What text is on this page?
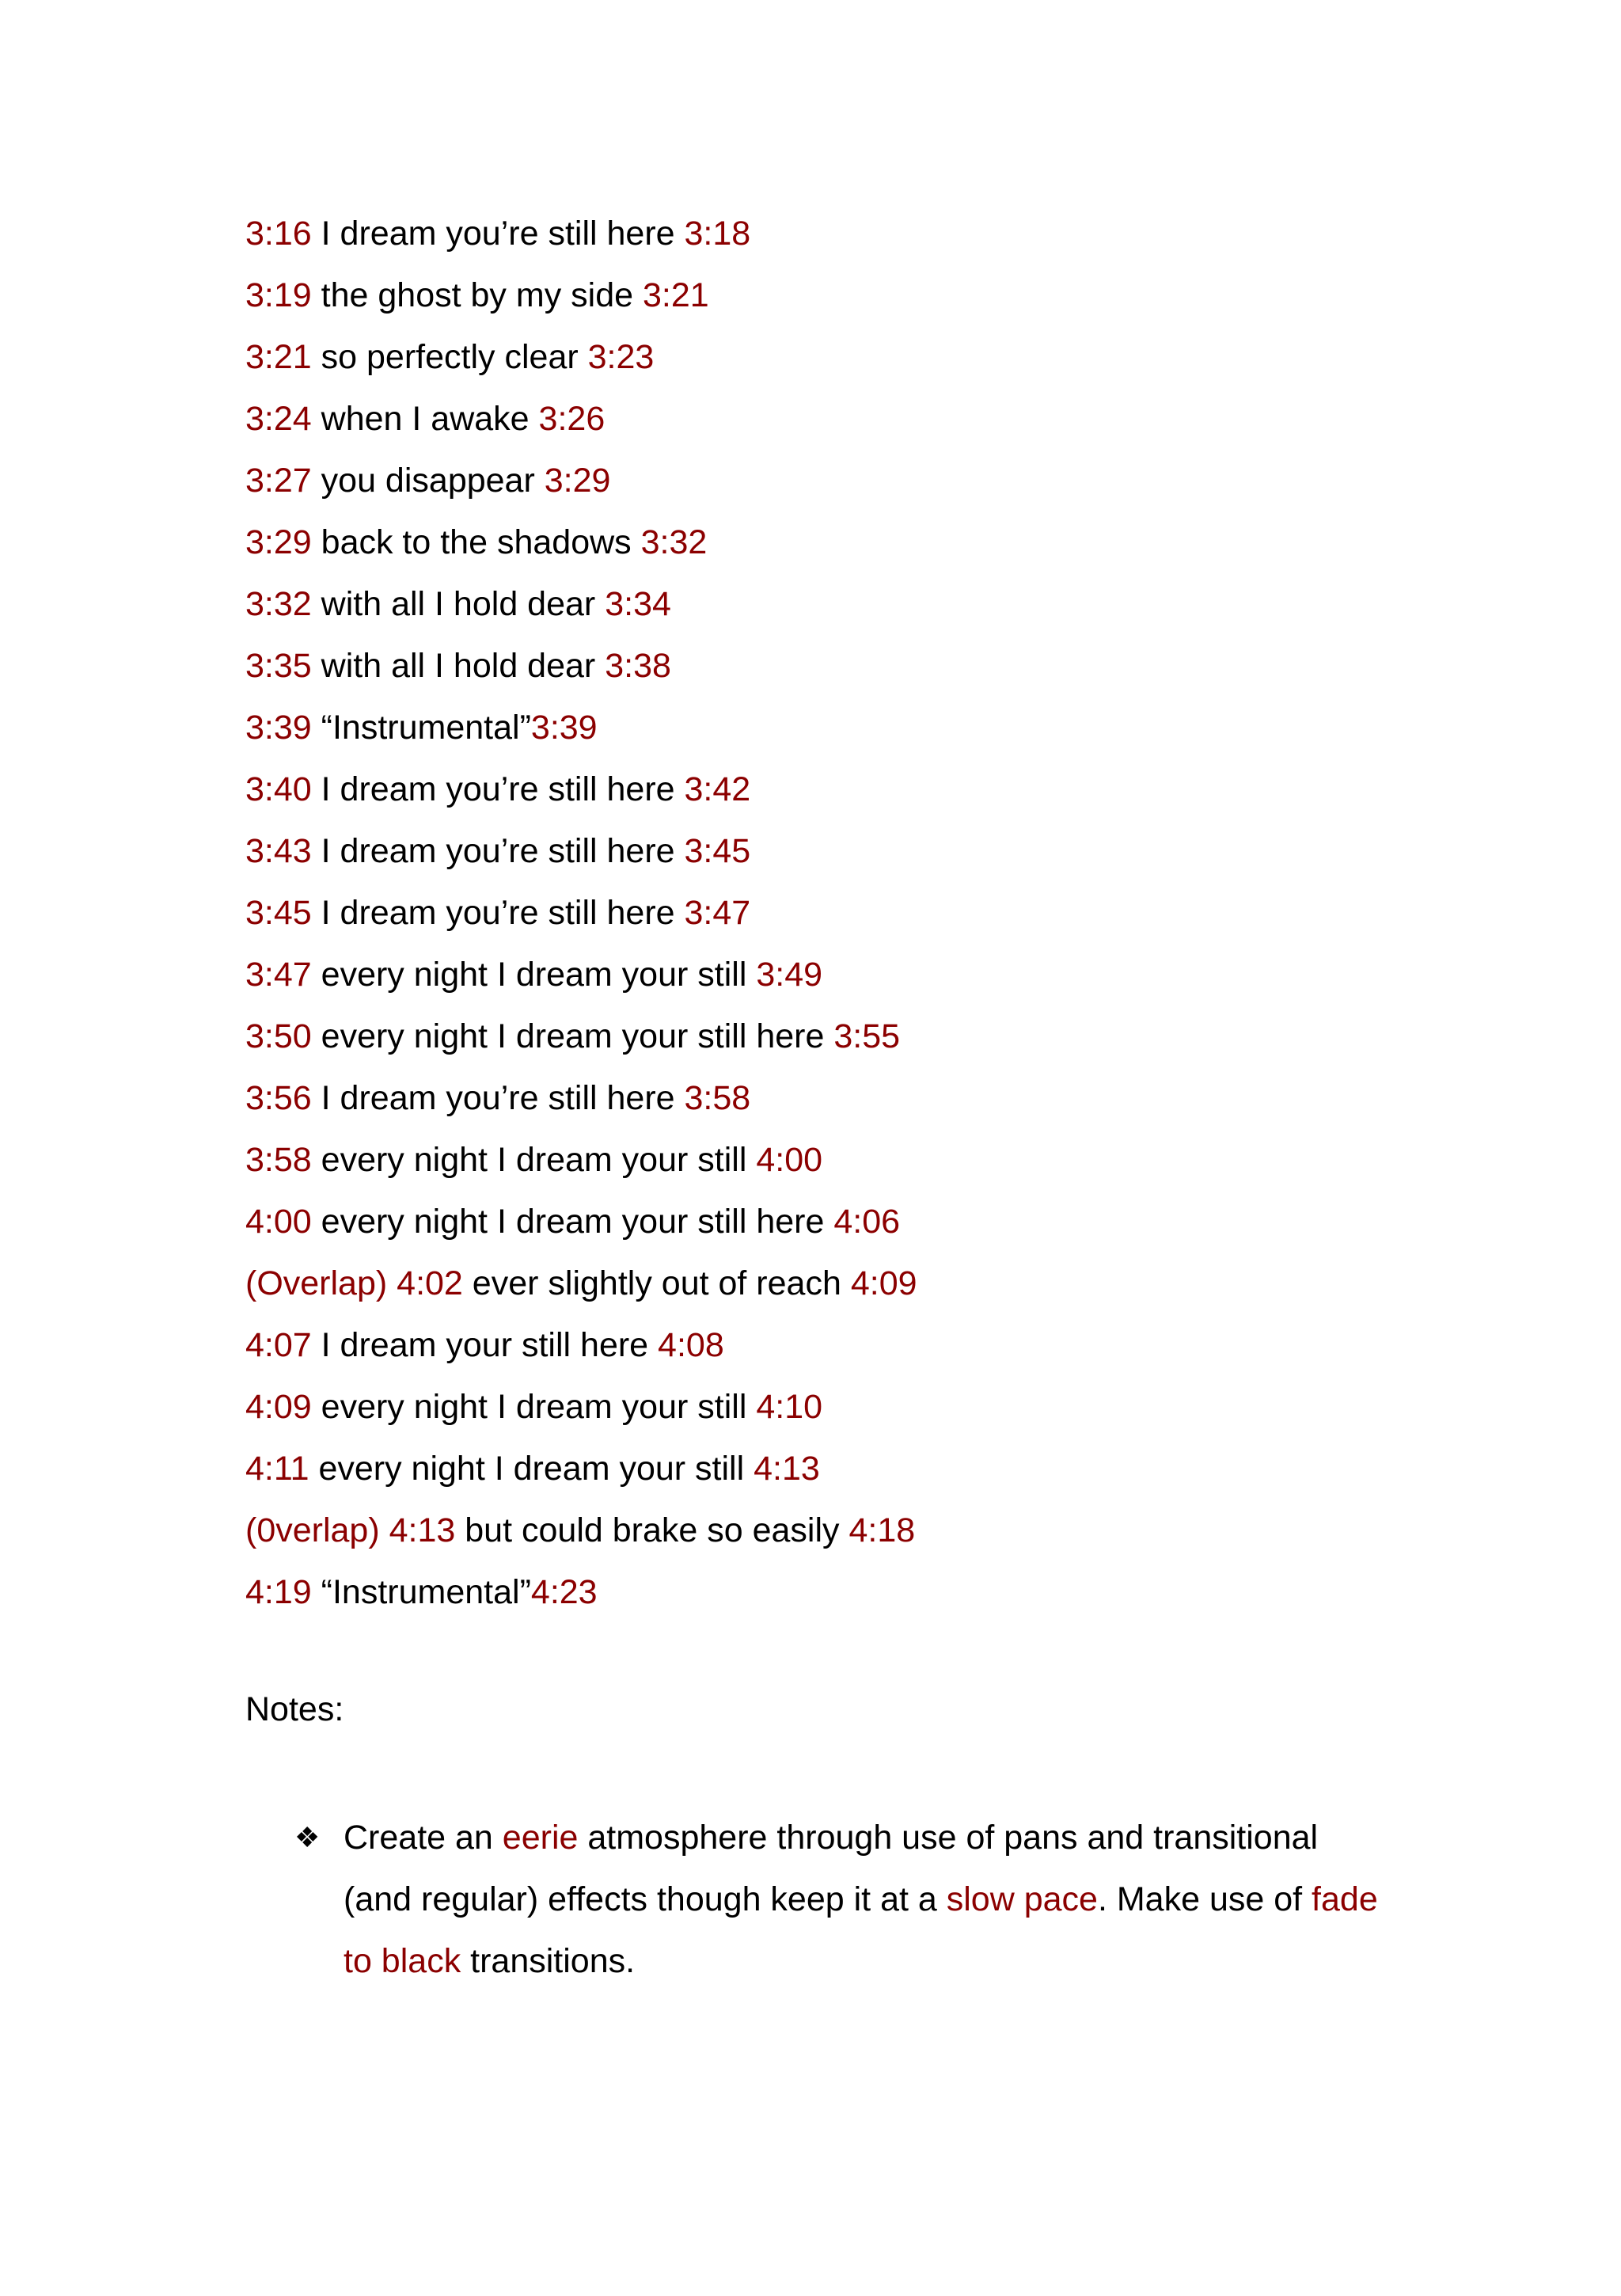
3:16 I dream you’re still here 3:18
3:19 the ghost by my side 3:21
3:21 so perfectly clear 3:23
3:24 when I awake 3:26
3:27 you disappear 3:29
3:29 back to the shadows 3:32
3:32 with all I hold dear 3:34
3:35 with all I hold dear 3:38
3:39 “Instrumental”3:39
3:40 I dream you’re still here 3:42
3:43 I dream you’re still here 3:45
3:45 I dream you’re still here 3:47
3:47 every night I dream your still 3:49
3:50 every night I dream your still here 3:55
3:56 I dream you’re still here 3:58
3:58 every night I dream your still 4:00
4:00 every night I dream your still here 4:06
(Overlap) 4:02 ever slightly out of reach 4:09
4:07 I dream your still here 4:08
4:09 every night I dream your still 4:10
4:11 every night I dream your still 4:13
(0verlap) 4:13 but could brake so easily 4:18
4:19 “Instrumental”4:23
Notes:
❖ Create an eerie atmosphere through use of pans and transitional (and regular) effects though keep it at a slow pace. Make use of fade to black transitions.
